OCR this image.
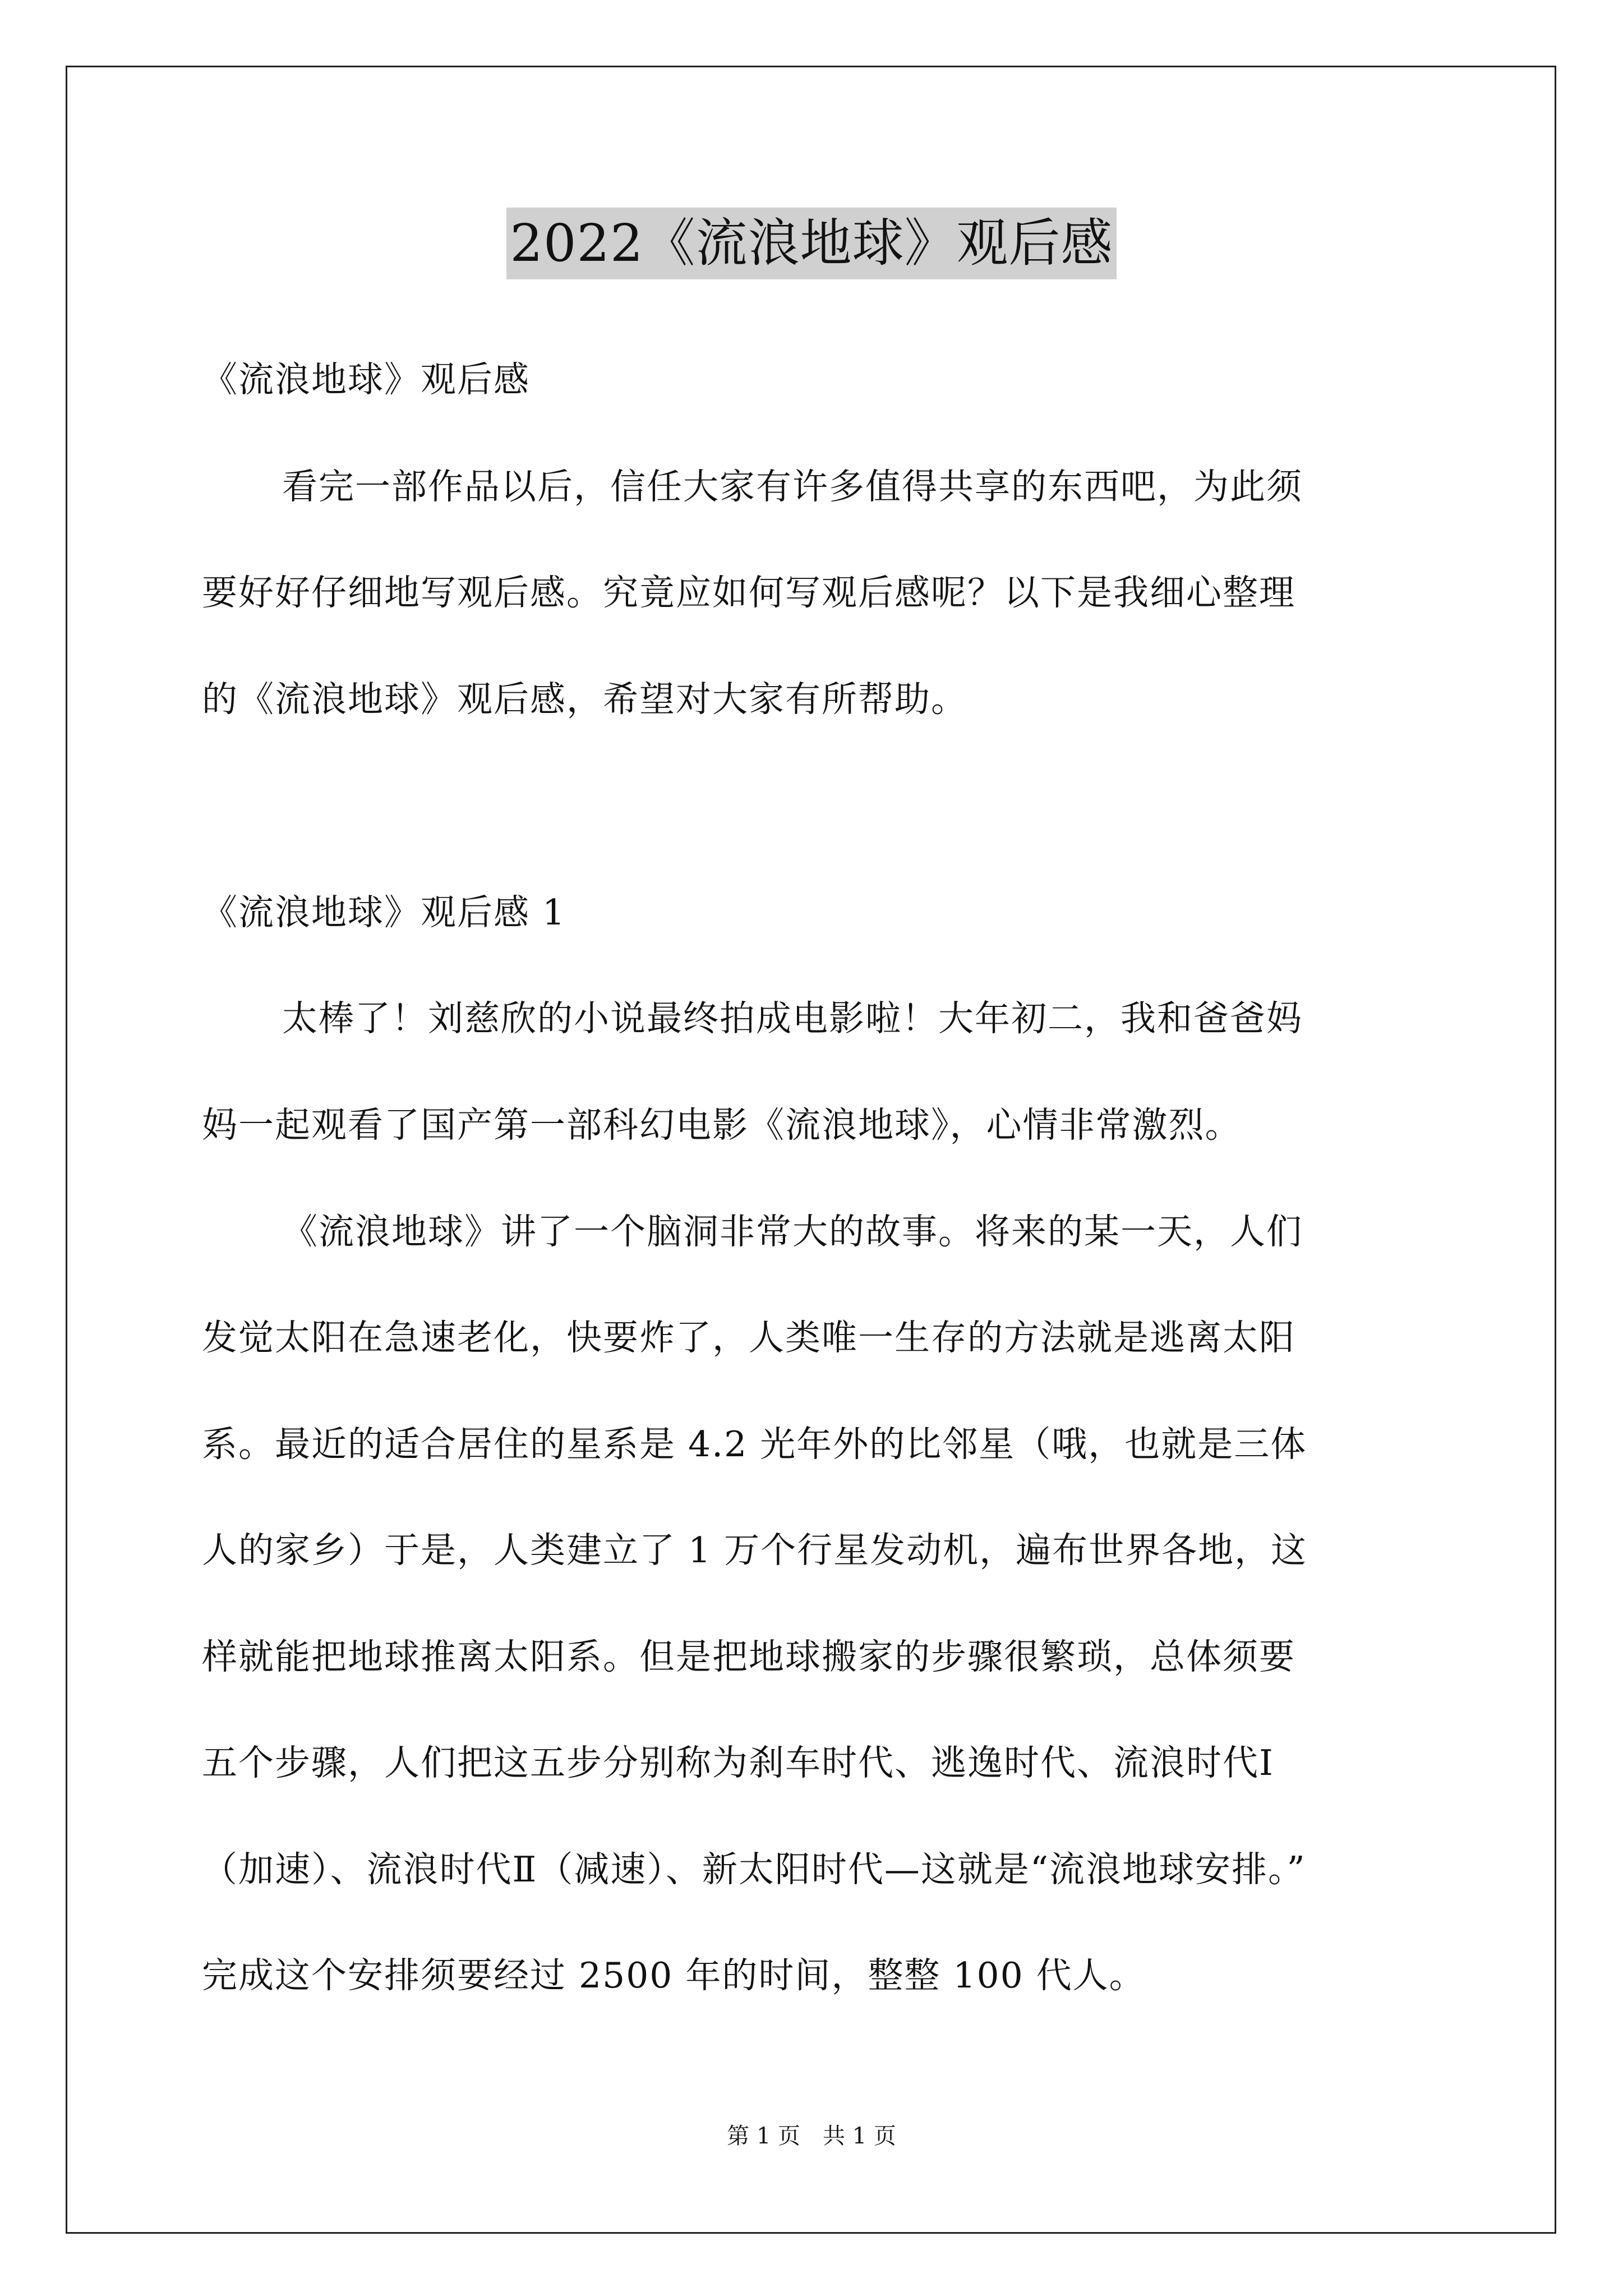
2022《流浪地球》观后感
《流浪地球》观后感
看完一部作品以后，信任大家有许多值得共享的东西吧，为此须
要好好仔细地写观后感。究竟应如何写观后感呢？以下是我细心整理
的《流浪地球》观后感，希望对大家有所帮助。
《流浪地球》观后感 1
太棒了！刘慈欣的小说最终拍成电影啦！大年初二，我和爸爸妈
妈一起观看了国产第一部科幻电影《流浪地球》，心情非常激烈。
《流浪地球》讲了一个脑洞非常大的故事。将来的某一天，人们
发觉太阳在急速老化，快要炸了，人类唯一生存的方法就是逃离太阳
系。最近的适合居住的星系是 4.2 光年外的比邻星（哦，也就是三体
人的家乡）于是，人类建立了 1 万个行星发动机，遍布世界各地，这
样就能把地球推离太阳系。但是把地球搬家的步骤很繁琐，总体须要
五个步骤，人们把这五步分别称为刹车时代、逃逸时代、流浪时代Ⅰ
（加速）、流浪时代Ⅱ（减速）、新太阳时代—这就是“流浪地球安排。”
完成这个安排须要经过 2500 年的时间，整整 100 代人。
第 1 页　共 1 页
